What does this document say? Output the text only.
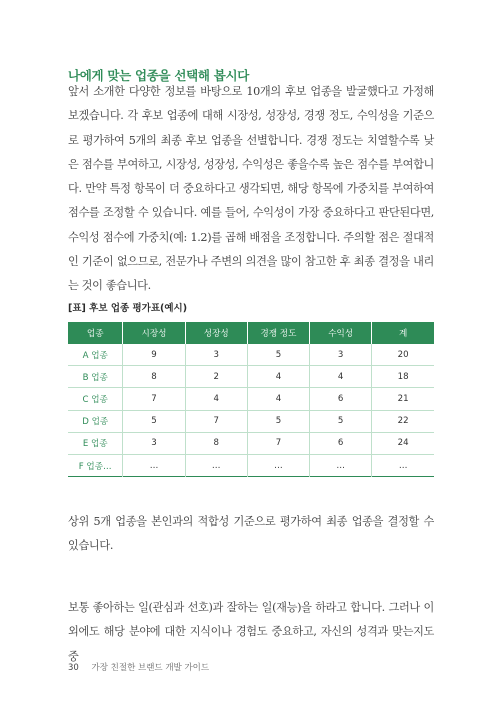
나에게 맞는 업종을 선택해 봅시다

앞서 소개한 다양한 정보를 바탕으로 10개의 후보 업종을 발굴했다고 가정해 보겠습니다. 각 후보 업종에 대해 시장성, 성장성, 경쟁 정도, 수익성을 기준으로 평가하여 5개의 최종 후보 업종을 선별합니다. 경쟁 정도는 치열할수록 낮은 점수를 부여하고, 시장성, 성장성, 수익성은 좋을수록 높은 점수를 부여합니다. 만약 특정 항목이 더 중요하다고 생각되면, 해당 항목에 가중치를 부여하여 점수를 조정할 수 있습니다. 예를 들어, 수익성이 가장 중요하다고 판단된다면, 수익성 점수에 가중치(예: 1.2)를 곱해 배점을 조정합니다. 주의할 점은 절대적인 기준이 없으므로, 전문가나 주변의 의견을 많이 참고한 후 최종 결정을 내리는 것이 좋습니다.

[표] 후보 업종 평가표(예시)
업종	시장성	성장성	경쟁 정도	수익성	계
A 업종	9	3	5	3	20
B 업종	8	2	4	4	18
C 업종	7	4	4	6	21
D 업종	5	7	5	5	22
E 업종	3	8	7	6	24
F 업종…	…	…	…	…	…

상위 5개 업종을 본인과의 적합성 기준으로 평가하여 최종 업종을 결정할 수 있습니다.

보통 좋아하는 일(관심과 선호)과 잘하는 일(재능)을 하라고 합니다. 그러나 이 외에도 해당 분야에 대한 지식이나 경험도 중요하고, 자신의 성격과 맞는지도 중

30 가장 친절한 브랜드 개발 가이드
